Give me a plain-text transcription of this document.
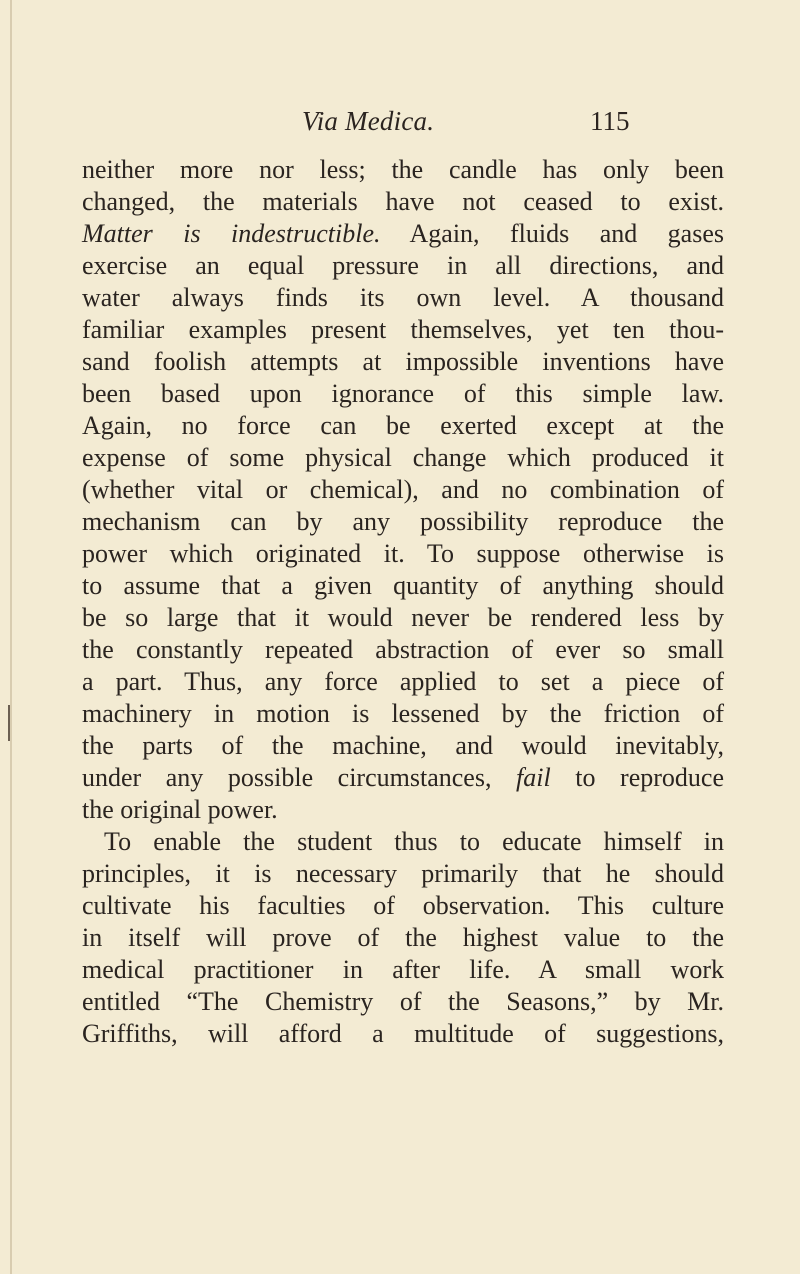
Via Medica.	115
neither more nor less; the candle has only been
changed, the materials have not ceased to exist.
Matter is indestructible. Again, fluids and gases
exercise an equal pressure in all directions, and
water always finds its own level. A thousand
familiar examples present themselves, yet ten thou-
sand foolish attempts at impossible inventions have
been based upon ignorance of this simple law.
Again, no force can be exerted except at the
expense of some physical change which produced it
(whether vital or chemical), and no combination of
mechanism can by any possibility reproduce the
power which originated it. To suppose otherwise is
to assume that a given quantity of anything should
be so large that it would never be rendered less by
the constantly repeated abstraction of ever so small
a part. Thus, any force applied to set a piece of
machinery in motion is lessened by the friction of
the parts of the machine, and would inevitably,
under any possible circumstances, fail to reproduce
the original power.
To enable the student thus to educate himself in
principles, it is necessary primarily that he should
cultivate his faculties of observation. This culture
in itself will prove of the highest value to the
medical practitioner in after life. A small work
entitled “The Chemistry of the Seasons,” by Mr.
Griffiths, will afford a multitude of suggestions,
